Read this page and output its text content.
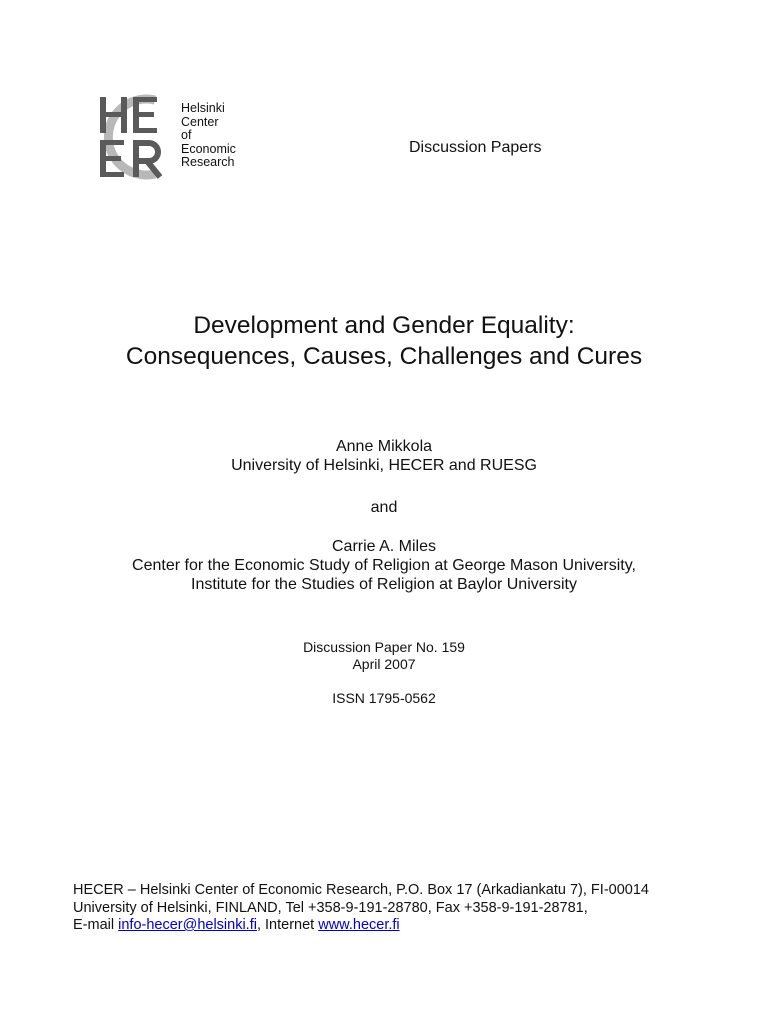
Helsinki
Center
of
Economic
Research
Discussion Papers
Development and Gender Equality:
Consequences, Causes, Challenges and Cures
Anne Mikkola
University of Helsinki, HECER and RUESG
and
Carrie A. Miles
Center for the Economic Study of Religion at George Mason University,
Institute for the Studies of Religion at Baylor University
Discussion Paper No. 159
April 2007
ISSN 1795-0562
HECER – Helsinki Center of Economic Research, P.O. Box 17 (Arkadiankatu 7), FI-00014
University of Helsinki, FINLAND, Tel +358-9-191-28780, Fax +358-9-191-28781,
E-mail info-hecer@helsinki.fi, Internet www.hecer.fi
